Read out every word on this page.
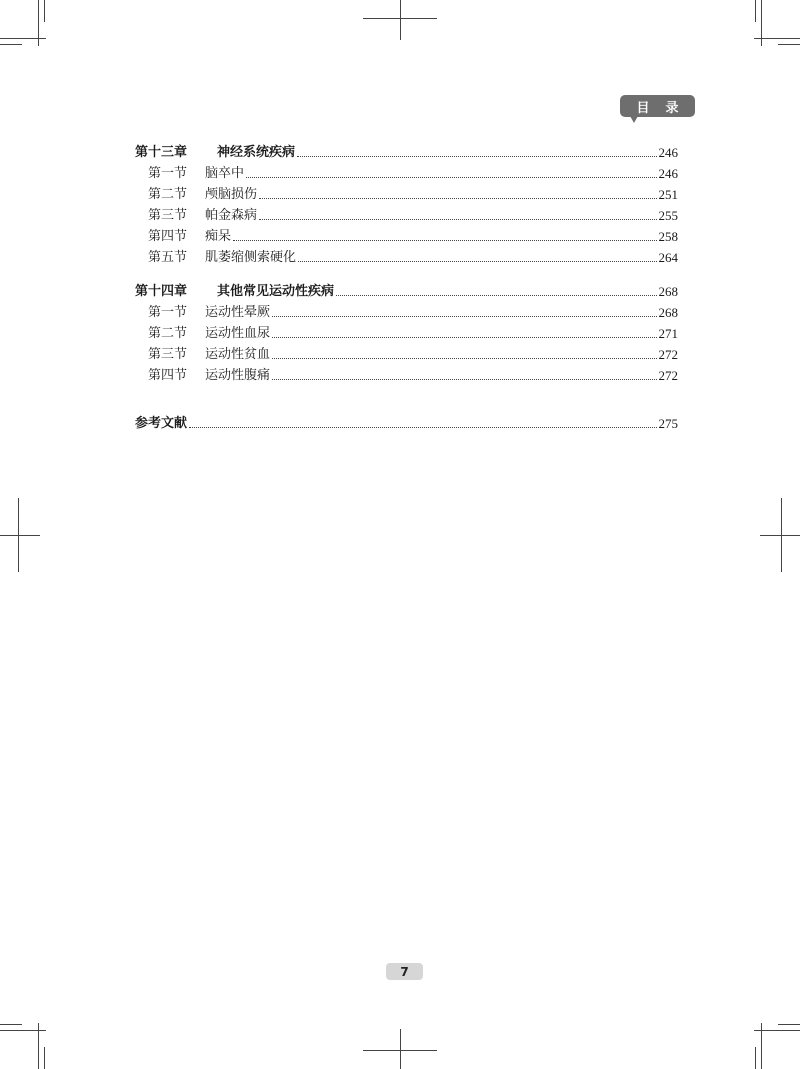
目录
第十三章	神经系统疾病	246
第一节	脑卒中	246
第二节	颅脑损伤	251
第三节	帕金森病	255
第四节	痴呆	258
第五节	肌萎缩侧索硬化	264
第十四章	其他常见运动性疾病	268
第一节	运动性晕厥	268
第二节	运动性血尿	271
第三节	运动性贫血	272
第四节	运动性腹痛	272
参考文献	275
7
